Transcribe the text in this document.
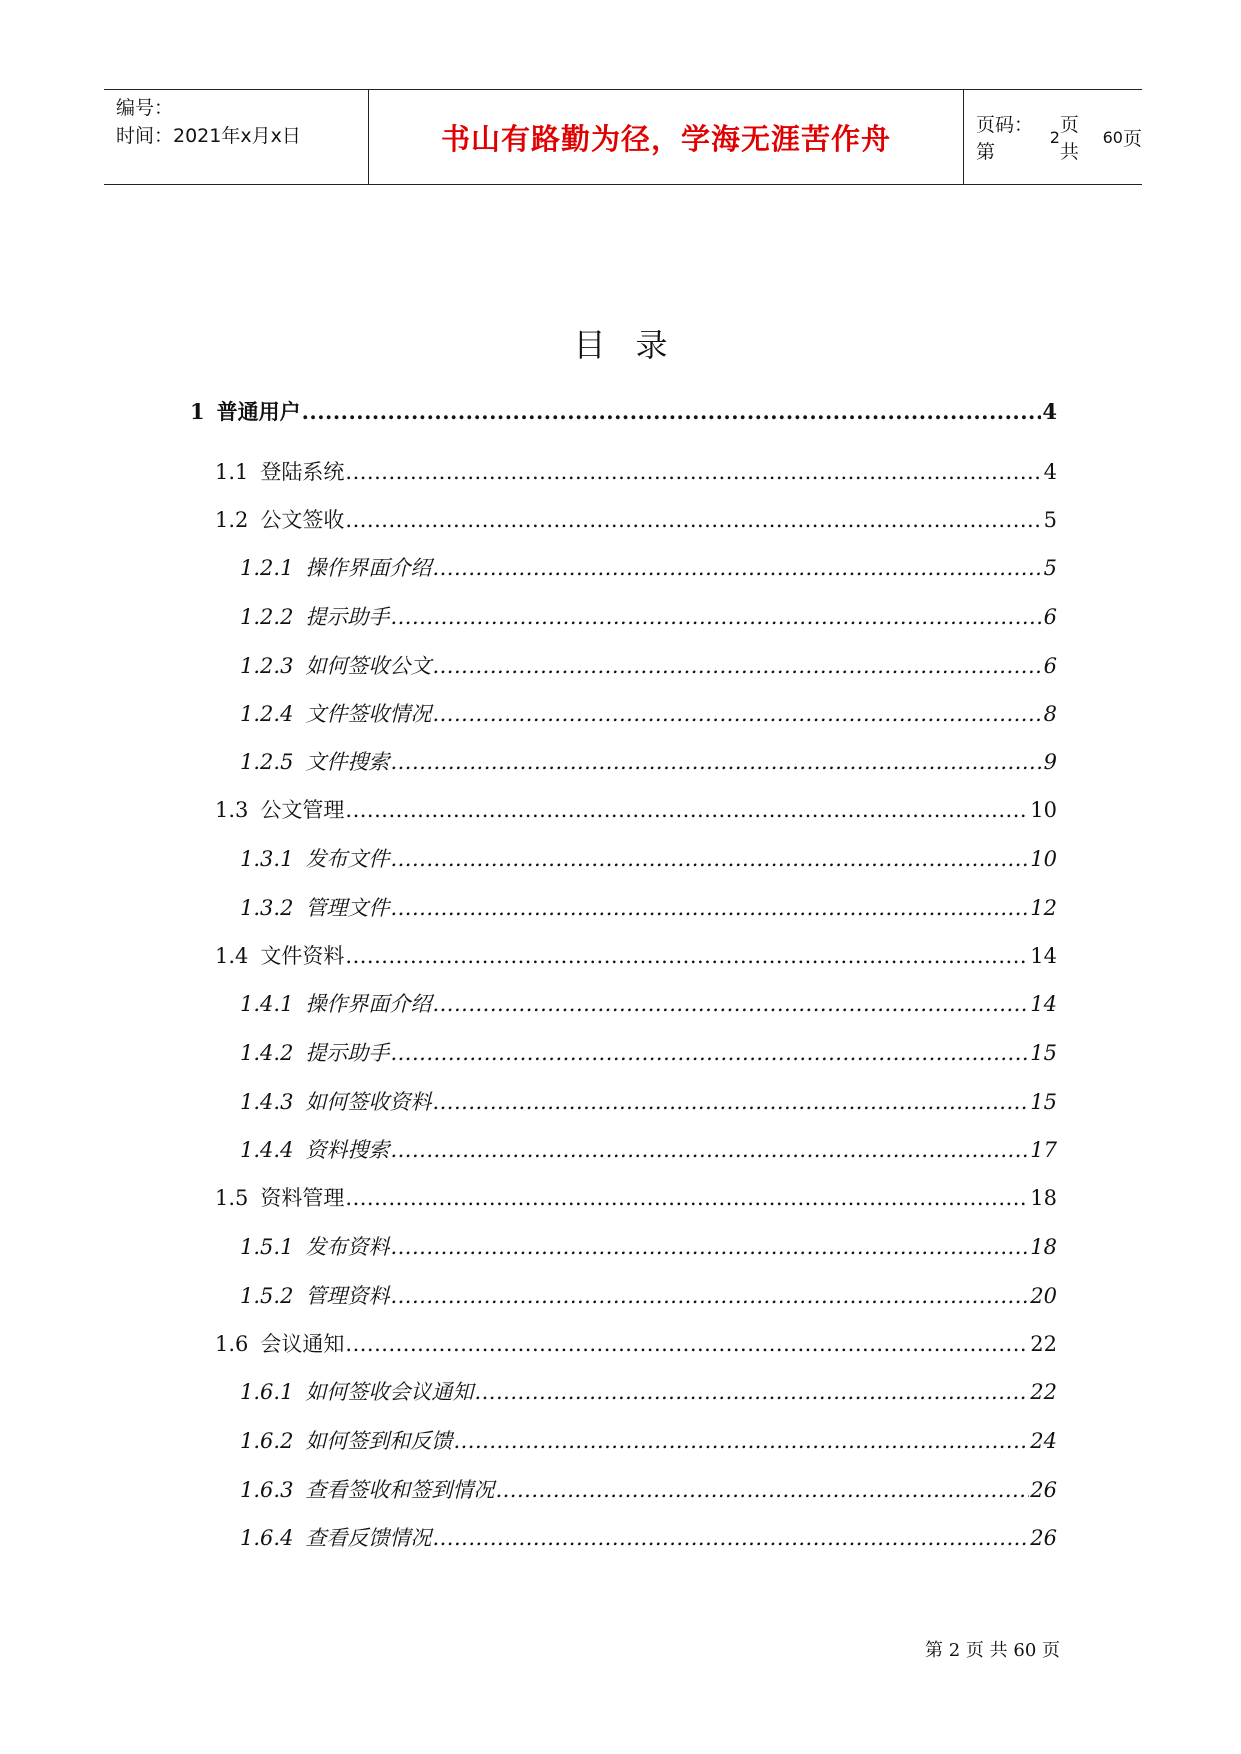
编号：
时间：2021年x月x日	书山有路勤为径，学海无涯苦作舟	页码：第
2
页 共
60 页
目录
1 普通用户 .....	4
1.1 登陆系统 .....	4
1.2 公文签收 .....	5
1.2.1 操作界面介绍 .....	5
1.2.2 提示助手 .....	6
1.2.3 如何签收公文 .....	6
1.2.4 文件签收情况 .....	8
1.2.5 文件搜索 .....	9
1.3 公文管理 .....	10
1.3.1 发布文件 .....	10
1.3.2 管理文件 .....	12
1.4 文件资料 .....	14
1.4.1 操作界面介绍 .....	14
1.4.2 提示助手 .....	15
1.4.3 如何签收资料 .....	15
1.4.4 资料搜索 .....	17
1.5 资料管理 .....	18
1.5.1 发布资料 .....	18
1.5.2 管理资料 .....	20
1.6 会议通知 .....	22
1.6.1 如何签收会议通知 .....	22
1.6.2 如何签到和反馈 .....	24
1.6.3 查看签收和签到情况 .....	26
1.6.4 查看反馈情况 .....	26
第 2 页 共 60 页
